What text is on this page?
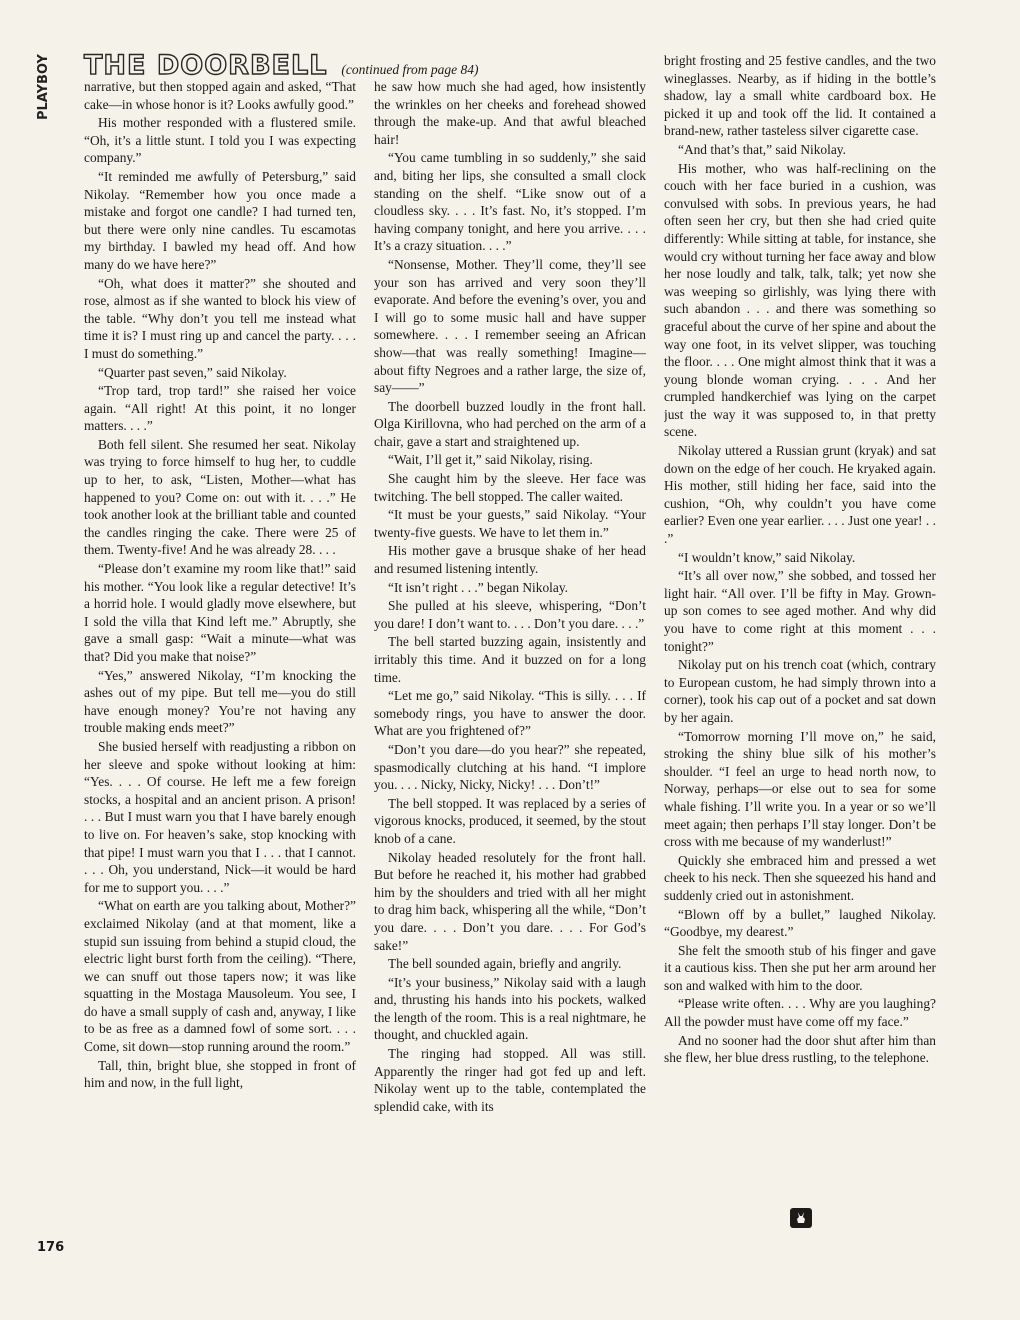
PLAYBOY THE DOORBELL (continued from page 84)

narrative, but then stopped again and asked, “That cake—in whose honor is it? Looks awfully good.”

His mother responded with a flustered smile. “Oh, it’s a little stunt. I told you I was expecting company.”

“It reminded me awfully of Petersburg,” said Nikolay. “Remember how you once made a mistake and forgot one candle? I had turned ten, but there were only nine candles. Tu escamotas my birthday. I bawled my head off. And how many do we have here?”

“Oh, what does it matter?” she shouted and rose, almost as if she wanted to block his view of the table. “Why don’t you tell me instead what time it is? I must ring up and cancel the party. . . . I must do something.”

“Quarter past seven,” said Nikolay.

“Trop tard, trop tard!” she raised her voice again. “All right! At this point, it no longer matters. . . .”

Both fell silent. She resumed her seat. Nikolay was trying to force himself to hug her, to cuddle up to her, to ask, “Listen, Mother—what has happened to you? Come on: out with it. . . .” He took another look at the brilliant table and counted the candles ringing the cake. There were 25 of them. Twenty-five! And he was already 28. . . .

“Please don’t examine my room like that!” said his mother. “You look like a regular detective! It’s a horrid hole. I would gladly move elsewhere, but I sold the villa that Kind left me.” Abruptly, she gave a small gasp: “Wait a minute—what was that? Did you make that noise?”

“Yes,” answered Nikolay, “I’m knocking the ashes out of my pipe. But tell me—you do still have enough money? You’re not having any trouble making ends meet?”

She busied herself with readjusting a ribbon on her sleeve and spoke without looking at him: “Yes. . . . Of course. He left me a few foreign stocks, a hospital and an ancient prison. A prison! . . . But I must warn you that I have barely enough to live on. For heaven’s sake, stop knocking with that pipe! I must warn you that I . . . that I cannot. . . . Oh, you understand, Nick—it would be hard for me to support you. . . .”

“What on earth are you talking about, Mother?” exclaimed Nikolay (and at that moment, like a stupid sun issuing from behind a stupid cloud, the electric light burst forth from the ceiling). “There, we can snuff out those tapers now; it was like squatting in the Mostaga Mausoleum. You see, I do have a small supply of cash and, anyway, I like to be as free as a damned fowl of some sort. . . . Come, sit down—stop running around the room.”

Tall, thin, bright blue, she stopped in front of him and now, in the full light,

he saw how much she had aged, how insistently the wrinkles on her cheeks and forehead showed through the make-up. And that awful bleached hair!

“You came tumbling in so suddenly,” she said and, biting her lips, she consulted a small clock standing on the shelf. “Like snow out of a cloudless sky. . . . It’s fast. No, it’s stopped. I’m having company tonight, and here you arrive. . . . It’s a crazy situation. . . .”

“Nonsense, Mother. They’ll come, they’ll see your son has arrived and very soon they’ll evaporate. And before the evening’s over, you and I will go to some music hall and have supper somewhere. . . . I remember seeing an African show—that was really something! Imagine—about fifty Negroes and a rather large, the size of, say——”

The doorbell buzzed loudly in the front hall. Olga Kirillovna, who had perched on the arm of a chair, gave a start and straightened up.

“Wait, I’ll get it,” said Nikolay, rising.

She caught him by the sleeve. Her face was twitching. The bell stopped. The caller waited.

“It must be your guests,” said Nikolay. “Your twenty-five guests. We have to let them in.”

His mother gave a brusque shake of her head and resumed listening intently.

“It isn’t right . . .” began Nikolay.

She pulled at his sleeve, whispering, “Don’t you dare! I don’t want to. . . . Don’t you dare. . . .”

The bell started buzzing again, insistently and irritably this time. And it buzzed on for a long time.

“Let me go,” said Nikolay. “This is silly. . . . If somebody rings, you have to answer the door. What are you frightened of?”

“Don’t you dare—do you hear?” she repeated, spasmodically clutching at his hand. “I implore you. . . . Nicky, Nicky, Nicky! . . . Don’t!”

The bell stopped. It was replaced by a series of vigorous knocks, produced, it seemed, by the stout knob of a cane.

Nikolay headed resolutely for the front hall. But before he reached it, his mother had grabbed him by the shoulders and tried with all her might to drag him back, whispering all the while, “Don’t you dare. . . . Don’t you dare. . . . For God’s sake!”

The bell sounded again, briefly and angrily.

“It’s your business,” Nikolay said with a laugh and, thrusting his hands into his pockets, walked the length of the room. This is a real nightmare, he thought, and chuckled again.

The ringing had stopped. All was still. Apparently the ringer had got fed up and left. Nikolay went up to the table, contemplated the splendid cake, with its

bright frosting and 25 festive candles, and the two wineglasses. Nearby, as if hiding in the bottle’s shadow, lay a small white cardboard box. He picked it up and took off the lid. It contained a brand-new, rather tasteless silver cigarette case.

“And that’s that,” said Nikolay.

His mother, who was half-reclining on the couch with her face buried in a cushion, was convulsed with sobs. In previous years, he had often seen her cry, but then she had cried quite differently: While sitting at table, for instance, she would cry without turning her face away and blow her nose loudly and talk, talk, talk; yet now she was weeping so girlishly, was lying there with such abandon . . . and there was something so graceful about the curve of her spine and about the way one foot, in its velvet slipper, was touching the floor. . . . One might almost think that it was a young blonde woman crying. . . . And her crumpled handkerchief was lying on the carpet just the way it was supposed to, in that pretty scene.

Nikolay uttered a Russian grunt (kryak) and sat down on the edge of her couch. He kryaked again. His mother, still hiding her face, said into the cushion, “Oh, why couldn’t you have come earlier? Even one year earlier. . . . Just one year! . . .”

“I wouldn’t know,” said Nikolay.

“It’s all over now,” she sobbed, and tossed her light hair. “All over. I’ll be fifty in May. Grown-up son comes to see aged mother. And why did you have to come right at this moment . . . tonight?”

Nikolay put on his trench coat (which, contrary to European custom, he had simply thrown into a corner), took his cap out of a pocket and sat down by her again.

“Tomorrow morning I’ll move on,” he said, stroking the shiny blue silk of his mother’s shoulder. “I feel an urge to head north now, to Norway, perhaps—or else out to sea for some whale fishing. I’ll write you. In a year or so we’ll meet again; then perhaps I’ll stay longer. Don’t be cross with me because of my wanderlust!”

Quickly she embraced him and pressed a wet cheek to his neck. Then she squeezed his hand and suddenly cried out in astonishment.

“Blown off by a bullet,” laughed Nikolay. “Goodbye, my dearest.”

She felt the smooth stub of his finger and gave it a cautious kiss. Then she put her arm around her son and walked with him to the door.

“Please write often. . . . Why are you laughing? All the powder must have come off my face.”

And no sooner had the door shut after him than she flew, her blue dress rustling, to the telephone.

176
